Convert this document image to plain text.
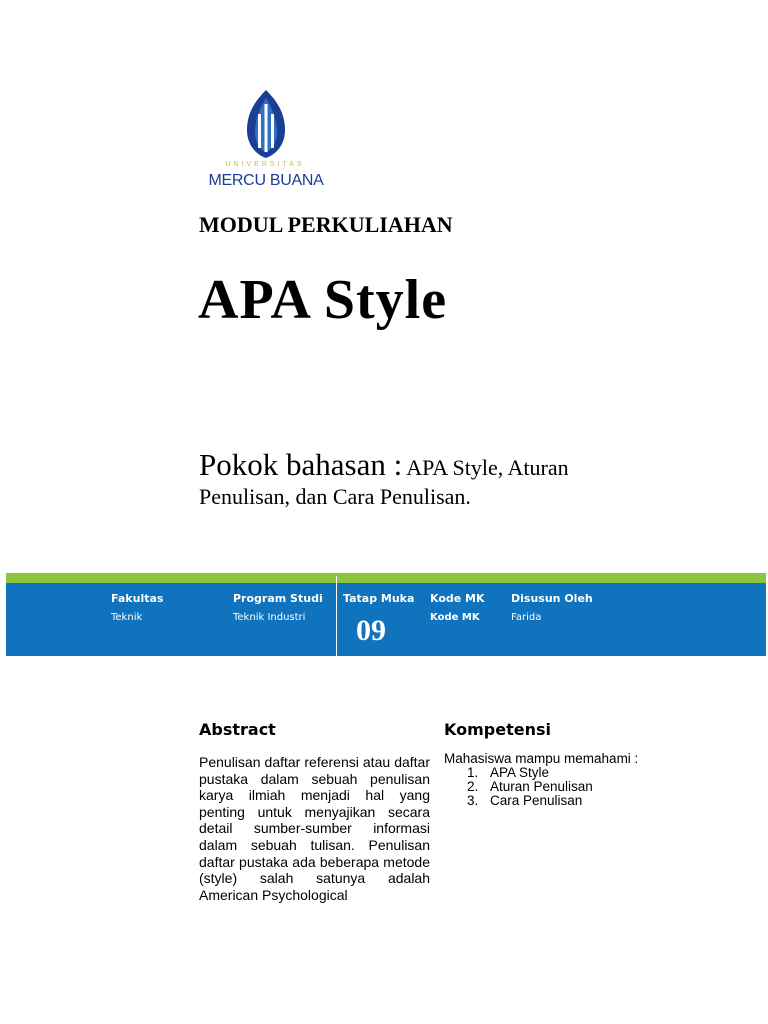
UNIVERSITAS
MERCU BUANA
MODUL PERKULIAHAN
APA Style
Pokok bahasan : APA Style, Aturan
Penulisan, dan Cara Penulisan.
Fakultas
Teknik
Program Studi
Teknik Industri
Tatap Muka
09
Kode MK
Kode MK
Disusun Oleh
Farida
Abstract
Penulisan daftar referensi atau daftar pustaka dalam sebuah penulisan karya ilmiah menjadi hal yang penting untuk menyajikan secara detail sumber-sumber informasi dalam sebuah tulisan. Penulisan daftar pustaka ada beberapa metode (style) salah satunya adalah American Psychological
Kompetensi
Mahasiswa mampu memahami :
1. APA Style
2. Aturan Penulisan
3. Cara Penulisan
